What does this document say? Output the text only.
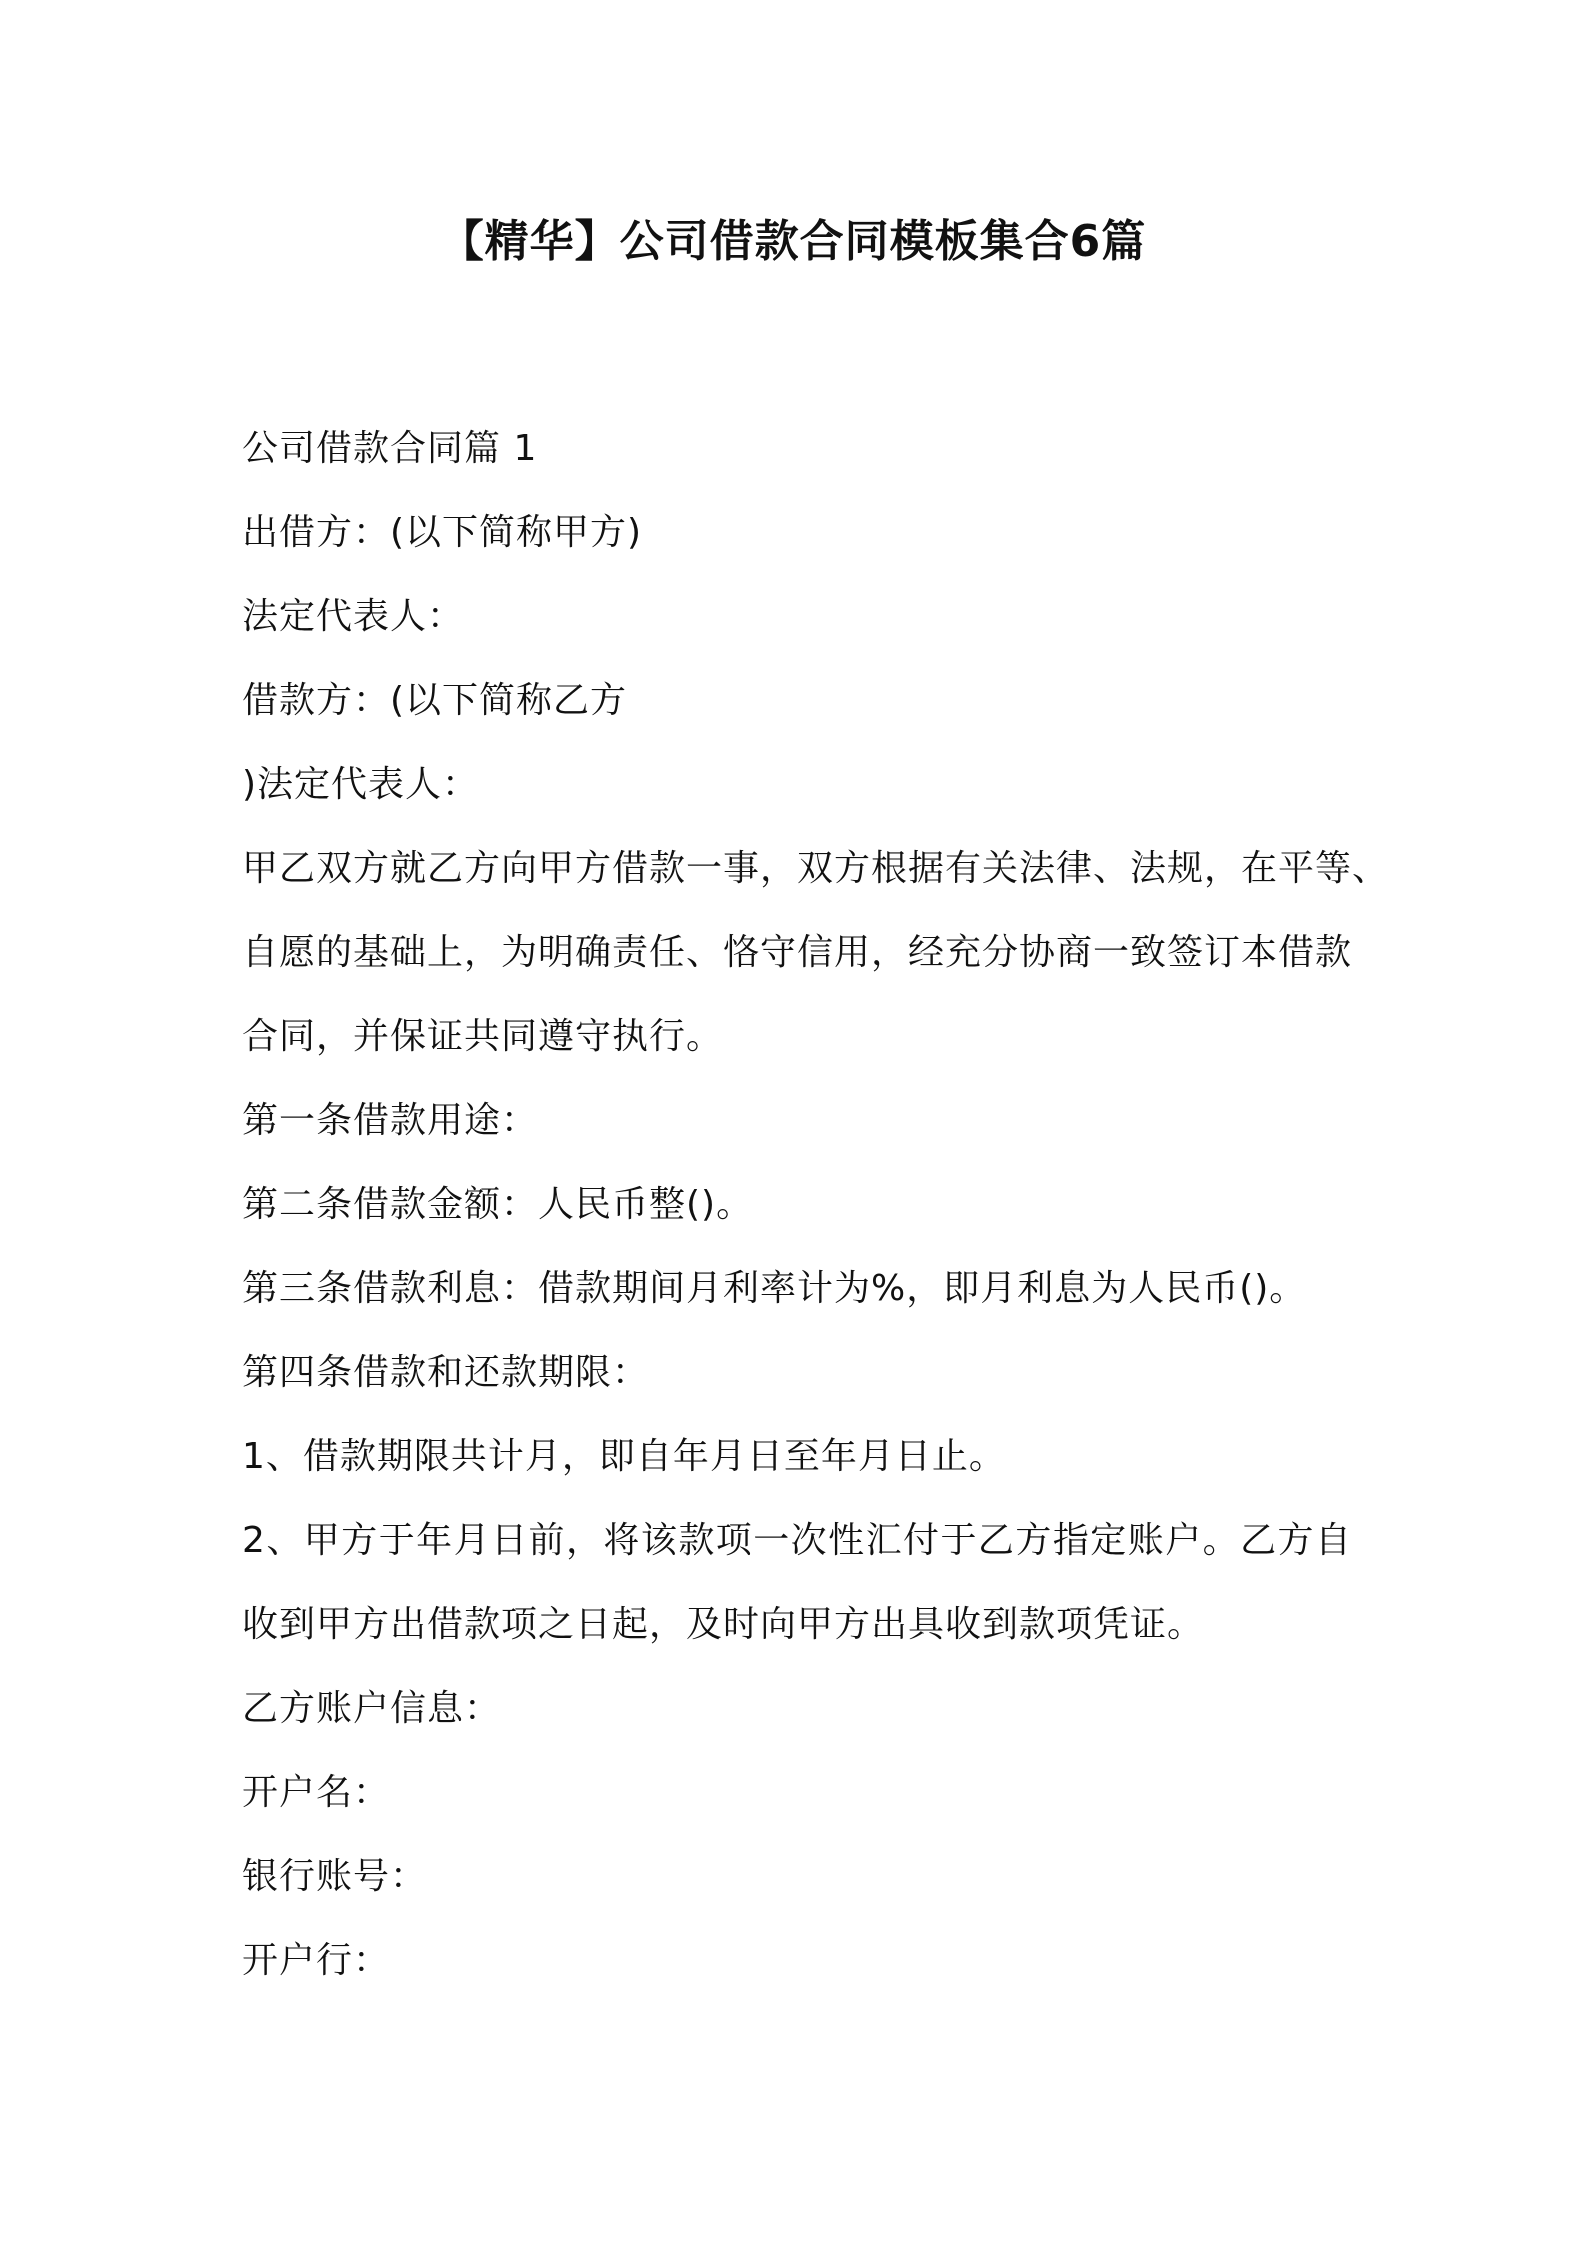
【精华】公司借款合同模板集合6篇
公司借款合同篇 1
出借方：(以下简称甲方)
法定代表人：
借款方：(以下简称乙方
)法定代表人：
甲乙双方就乙方向甲方借款一事，双方根据有关法律、法规，在平等、
自愿的基础上，为明确责任、恪守信用，经充分协商一致签订本借款
合同，并保证共同遵守执行。
第一条借款用途：
第二条借款金额：人民币整()。
第三条借款利息：借款期间月利率计为%，即月利息为人民币()。
第四条借款和还款期限：
1、借款期限共计月，即自年月日至年月日止。
2、甲方于年月日前，将该款项一次性汇付于乙方指定账户。乙方自
收到甲方出借款项之日起，及时向甲方出具收到款项凭证。
乙方账户信息：
开户名：
银行账号：
开户行：
